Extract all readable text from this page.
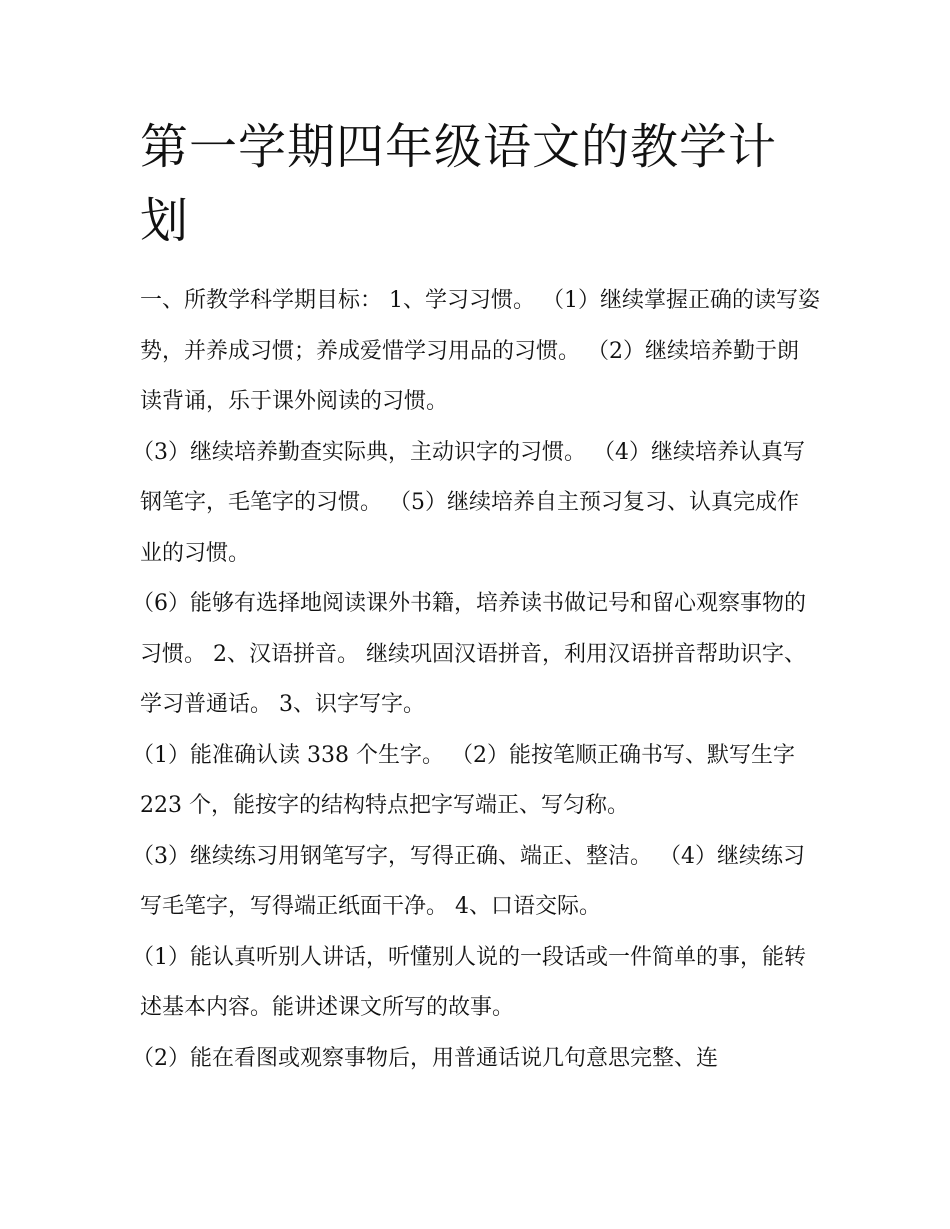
第一学期四年级语文的教学计划

一、所教学科学期目标： 1、学习习惯。 （1）继续掌握正确的读写姿势，并养成习惯；养成爱惜学习用品的习惯。 （2）继续培养勤于朗读背诵，乐于课外阅读的习惯。

（3）继续培养勤查实际典，主动识字的习惯。 （4）继续培养认真写钢笔字，毛笔字的习惯。 （5）继续培养自主预习复习、认真完成作业的习惯。

（6）能够有选择地阅读课外书籍，培养读书做记号和留心观察事物的习惯。 2、汉语拼音。 继续巩固汉语拼音，利用汉语拼音帮助识字、学习普通话。 3、识字写字。

（1）能准确认读 338 个生字。 （2）能按笔顺正确书写、默写生字 223 个，能按字的结构特点把字写端正、写匀称。

（3）继续练习用钢笔写字，写得正确、端正、整洁。 （4）继续练习写毛笔字，写得端正纸面干净。 4、口语交际。

（1）能认真听别人讲话，听懂别人说的一段话或一件简单的事，能转述基本内容。能讲述课文所写的故事。

（2）能在看图或观察事物后，用普通话说几句意思完整、连
